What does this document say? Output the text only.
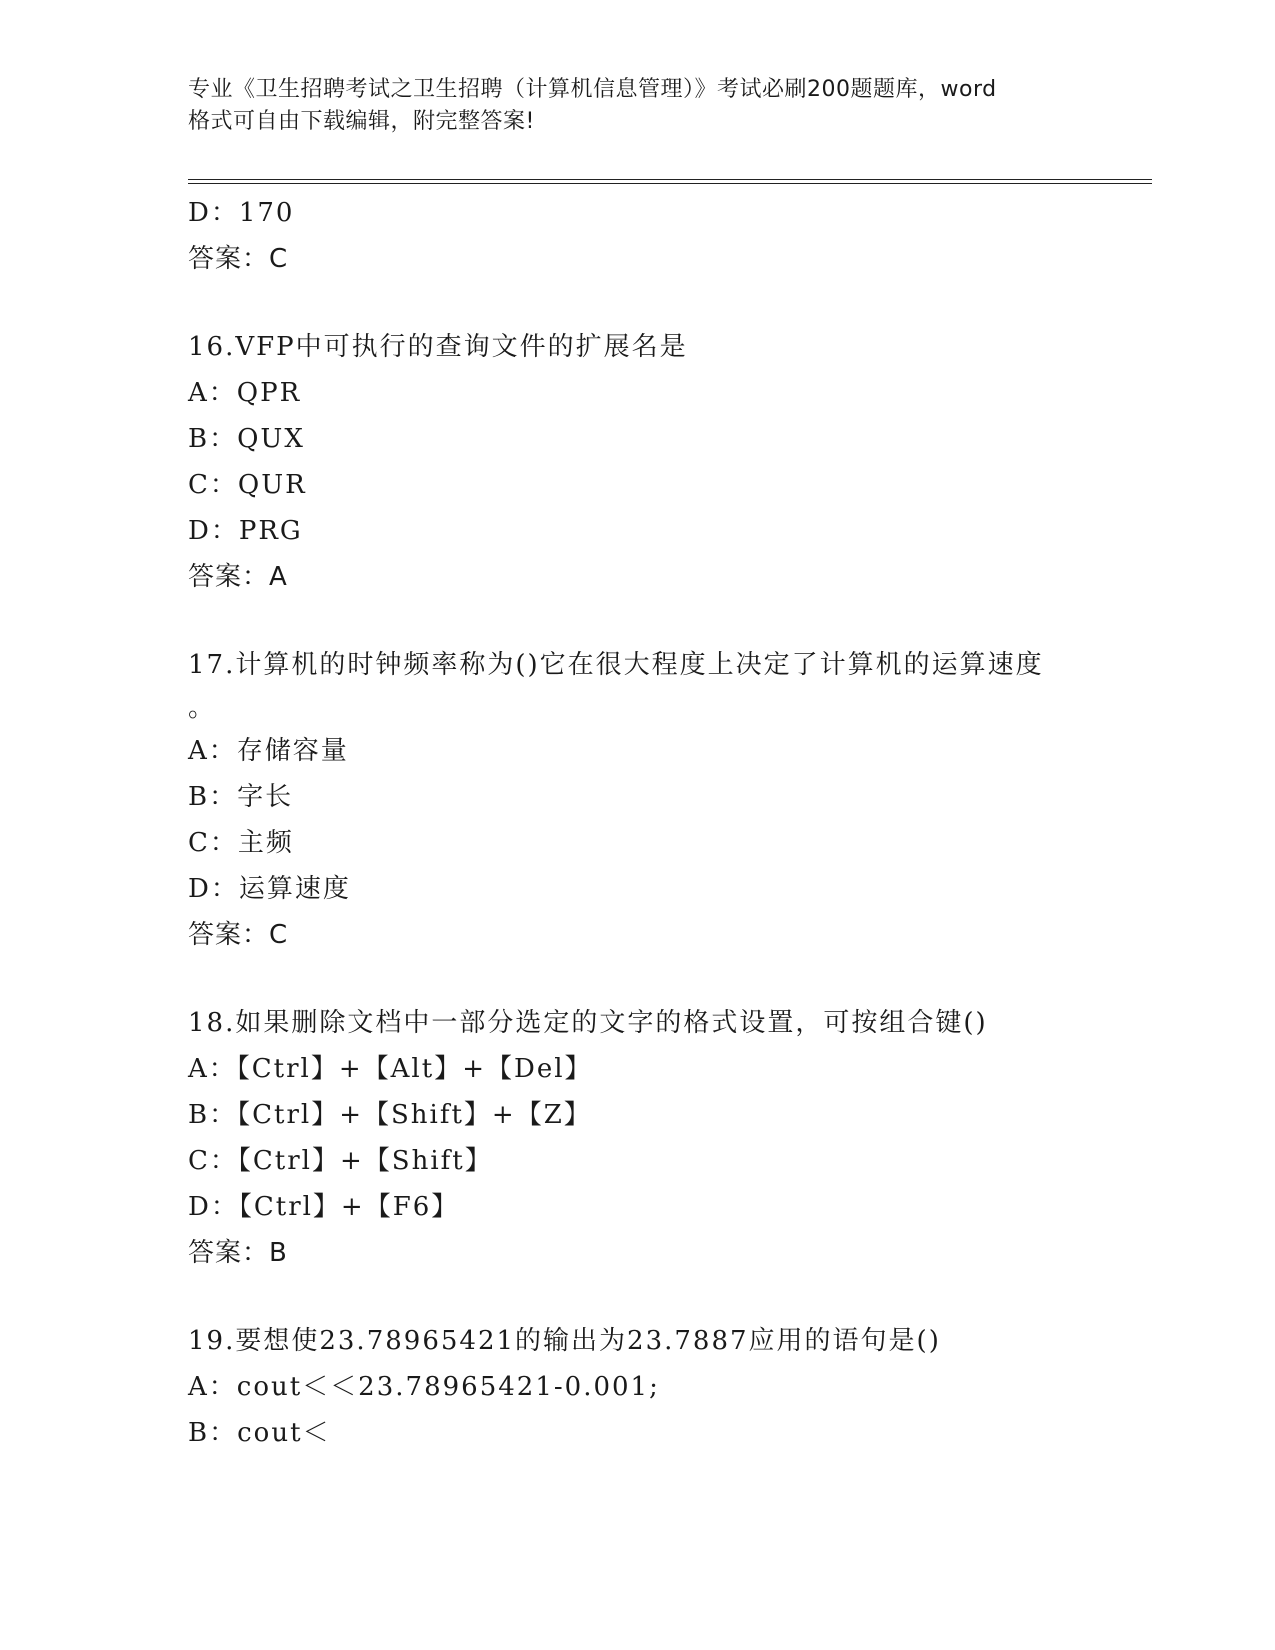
专业《卫生招聘考试之卫生招聘（计算机信息管理）》考试必刷200题题库，word
格式可自由下载编辑，附完整答案!
D：170
答案：C
16.VFP中可执行的查询文件的扩展名是
A：QPR
B：QUX
C：QUR
D：PRG
答案：A
17.计算机的时钟频率称为()它在很大程度上决定了计算机的运算速度
。
A：存储容量
B：字长
C：主频
D：运算速度
答案：C
18.如果删除文档中一部分选定的文字的格式设置，可按组合键()
A：【Ctrl】+【Alt】+【Del】
B：【Ctrl】+【Shift】+【Z】
C：【Ctrl】+【Shift】
D：【Ctrl】+【F6】
答案：B
19.要想使23.78965421的输出为23.7887应用的语句是()
A：cout＜＜23.78965421-0.001;
B：cout＜
